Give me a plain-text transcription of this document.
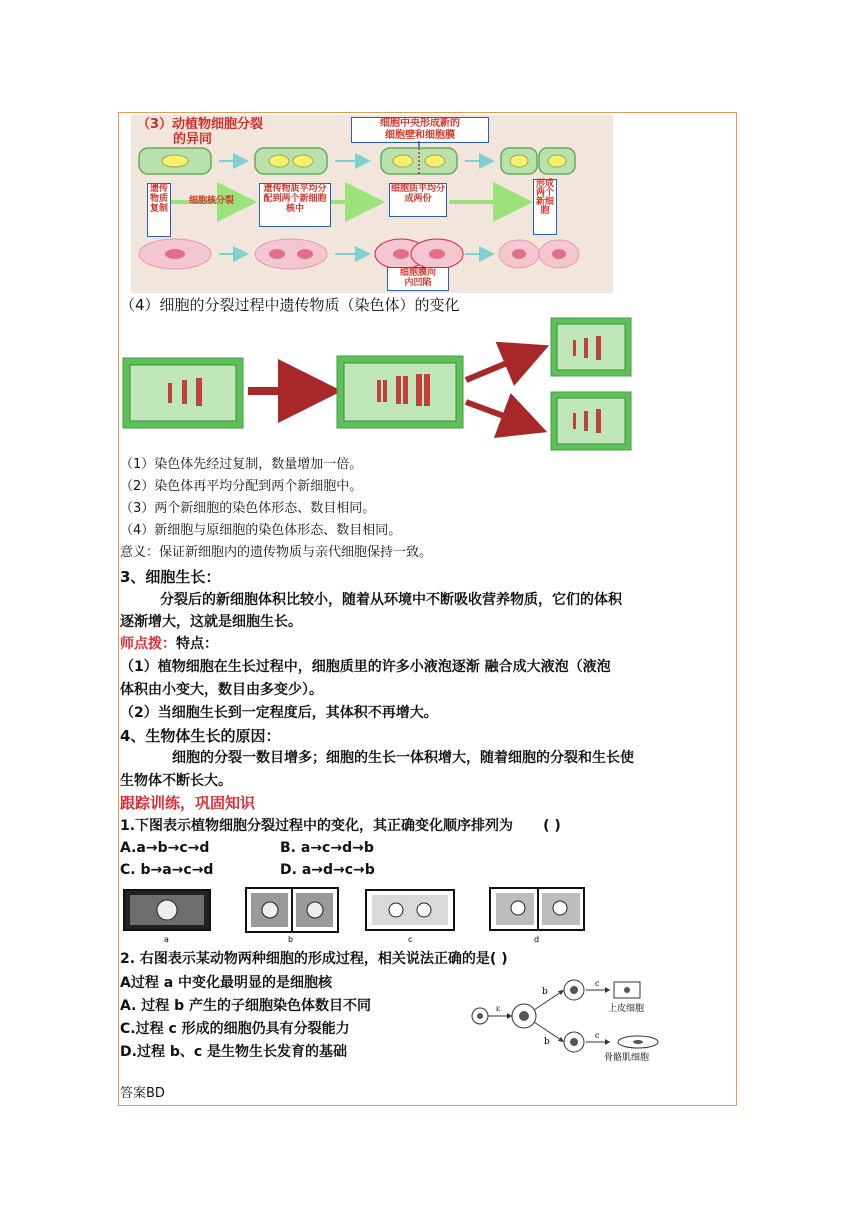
（3）动植物细胞分裂
的异同
细胞中央形成新的
细胞壁和细胞膜
遗传物质复制
细胞核分裂
遗传物质平均分配到两个新细胞核中
细胞质平均分成两份
形成两个新细胞
细胞膜向
内凹陷
（4）细胞的分裂过程中遗传物质（染色体）的变化
（1）染色体先经过复制，数量增加一倍。
（2）染色体再平均分配到两个新细胞中。
（3）两个新细胞的染色体形态、数目相同。
（4）新细胞与原细胞的染色体形态、数目相同。
意义：保证新细胞内的遗传物质与亲代细胞保持一致。
3、细胞生长：
分裂后的新细胞体积比较小，随着从环境中不断吸收营养物质，它们的体积
逐渐增大，这就是细胞生长。
师点拨：特点：
（1）植物细胞在生长过程中，细胞质里的许多小液泡逐渐 融合成大液泡（液泡
体积由小变大，数目由多变少）。
（2）当细胞生长到一定程度后，其体积不再增大。
4、生物体生长的原因：
细胞的分裂一数目增多；细胞的生长一体积增大，随着细胞的分裂和生长使
生物体不断长大。
跟踪训练，巩固知识
1.下图表示植物细胞分裂过程中的变化，其正确变化顺序排列为 ( )
A.a→b→c→d	B. a→c→d→b
C. b→a→c→d	D. a→d→c→b
a	b	c	d
2. 右图表示某动物两种细胞的形成过程，相关说法正确的是( )
A过程 a 中变化最明显的是细胞核
A. 过程 b 产生的子细胞染色体数目不同
C.过程 c 形成的细胞仍具有分裂能力
D.过程 b、c 是生物生长发育的基础
ε
b
b
c
c
上皮细胞
骨骼肌细胞
答案BD
